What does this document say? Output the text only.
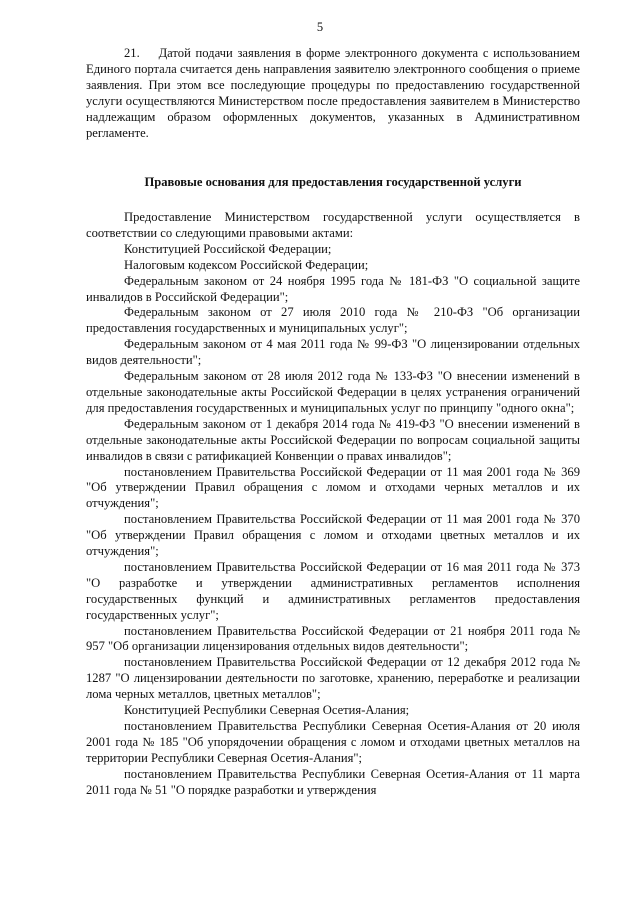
5

21.    Датой подачи заявления в форме электронного документа с использованием Единого портала считается день направления заявителю электронного сообщения о приеме заявления. При этом все последующие процедуры по предоставлению государственной услуги осуществляются Министерством после предоставления заявителем в Министерство надлежащим образом оформленных документов, указанных в Административном регламенте.

Правовые основания для предоставления государственной услуги

Предоставление Министерством государственной услуги осуществляется в соответствии со следующими правовыми актами:

Конституцией Российской Федерации;

Налоговым кодексом Российской Федерации;

Федеральным законом от 24 ноября 1995 года № 181-ФЗ "О социальной защите инвалидов в Российской Федерации";

Федеральным законом от 27 июля 2010 года № 210-ФЗ "Об организации предоставления государственных и муниципальных услуг";

Федеральным законом от 4 мая 2011 года № 99-ФЗ "О лицензировании отдельных видов деятельности";

Федеральным законом от 28 июля 2012 года № 133-ФЗ "О внесении изменений в отдельные законодательные акты Российской Федерации в целях устранения ограничений для предоставления государственных и муниципальных услуг по принципу "одного окна";

Федеральным законом от 1 декабря 2014 года № 419-ФЗ "О внесении изменений в отдельные законодательные акты Российской Федерации по вопросам социальной защиты инвалидов в связи с ратификацией Конвенции о правах инвалидов";

постановлением Правительства Российской Федерации от 11 мая 2001 года № 369 "Об утверждении Правил обращения с ломом и отходами черных металлов и их отчуждения";

постановлением Правительства Российской Федерации от 11 мая 2001 года № 370 "Об утверждении Правил обращения с ломом и отходами цветных металлов и их отчуждения";

постановлением Правительства Российской Федерации от 16 мая 2011 года № 373 "О разработке и утверждении административных регламентов исполнения государственных функций и административных регламентов предоставления государственных услуг";

постановлением Правительства Российской Федерации от 21 ноября 2011 года № 957 "Об организации лицензирования отдельных видов деятельности";

постановлением Правительства Российской Федерации от 12 декабря 2012 года № 1287 "О лицензировании деятельности по заготовке, хранению, переработке и реализации лома черных металлов, цветных металлов";

Конституцией Республики Северная Осетия-Алания;

постановлением Правительства Республики Северная Осетия-Алания от 20 июля 2001 года № 185 "Об упорядочении обращения с ломом и отходами цветных металлов на территории Республики Северная Осетия-Алания";

постановлением Правительства Республики Северная Осетия-Алания от 11 марта 2011 года № 51 "О порядке разработки и утверждения
